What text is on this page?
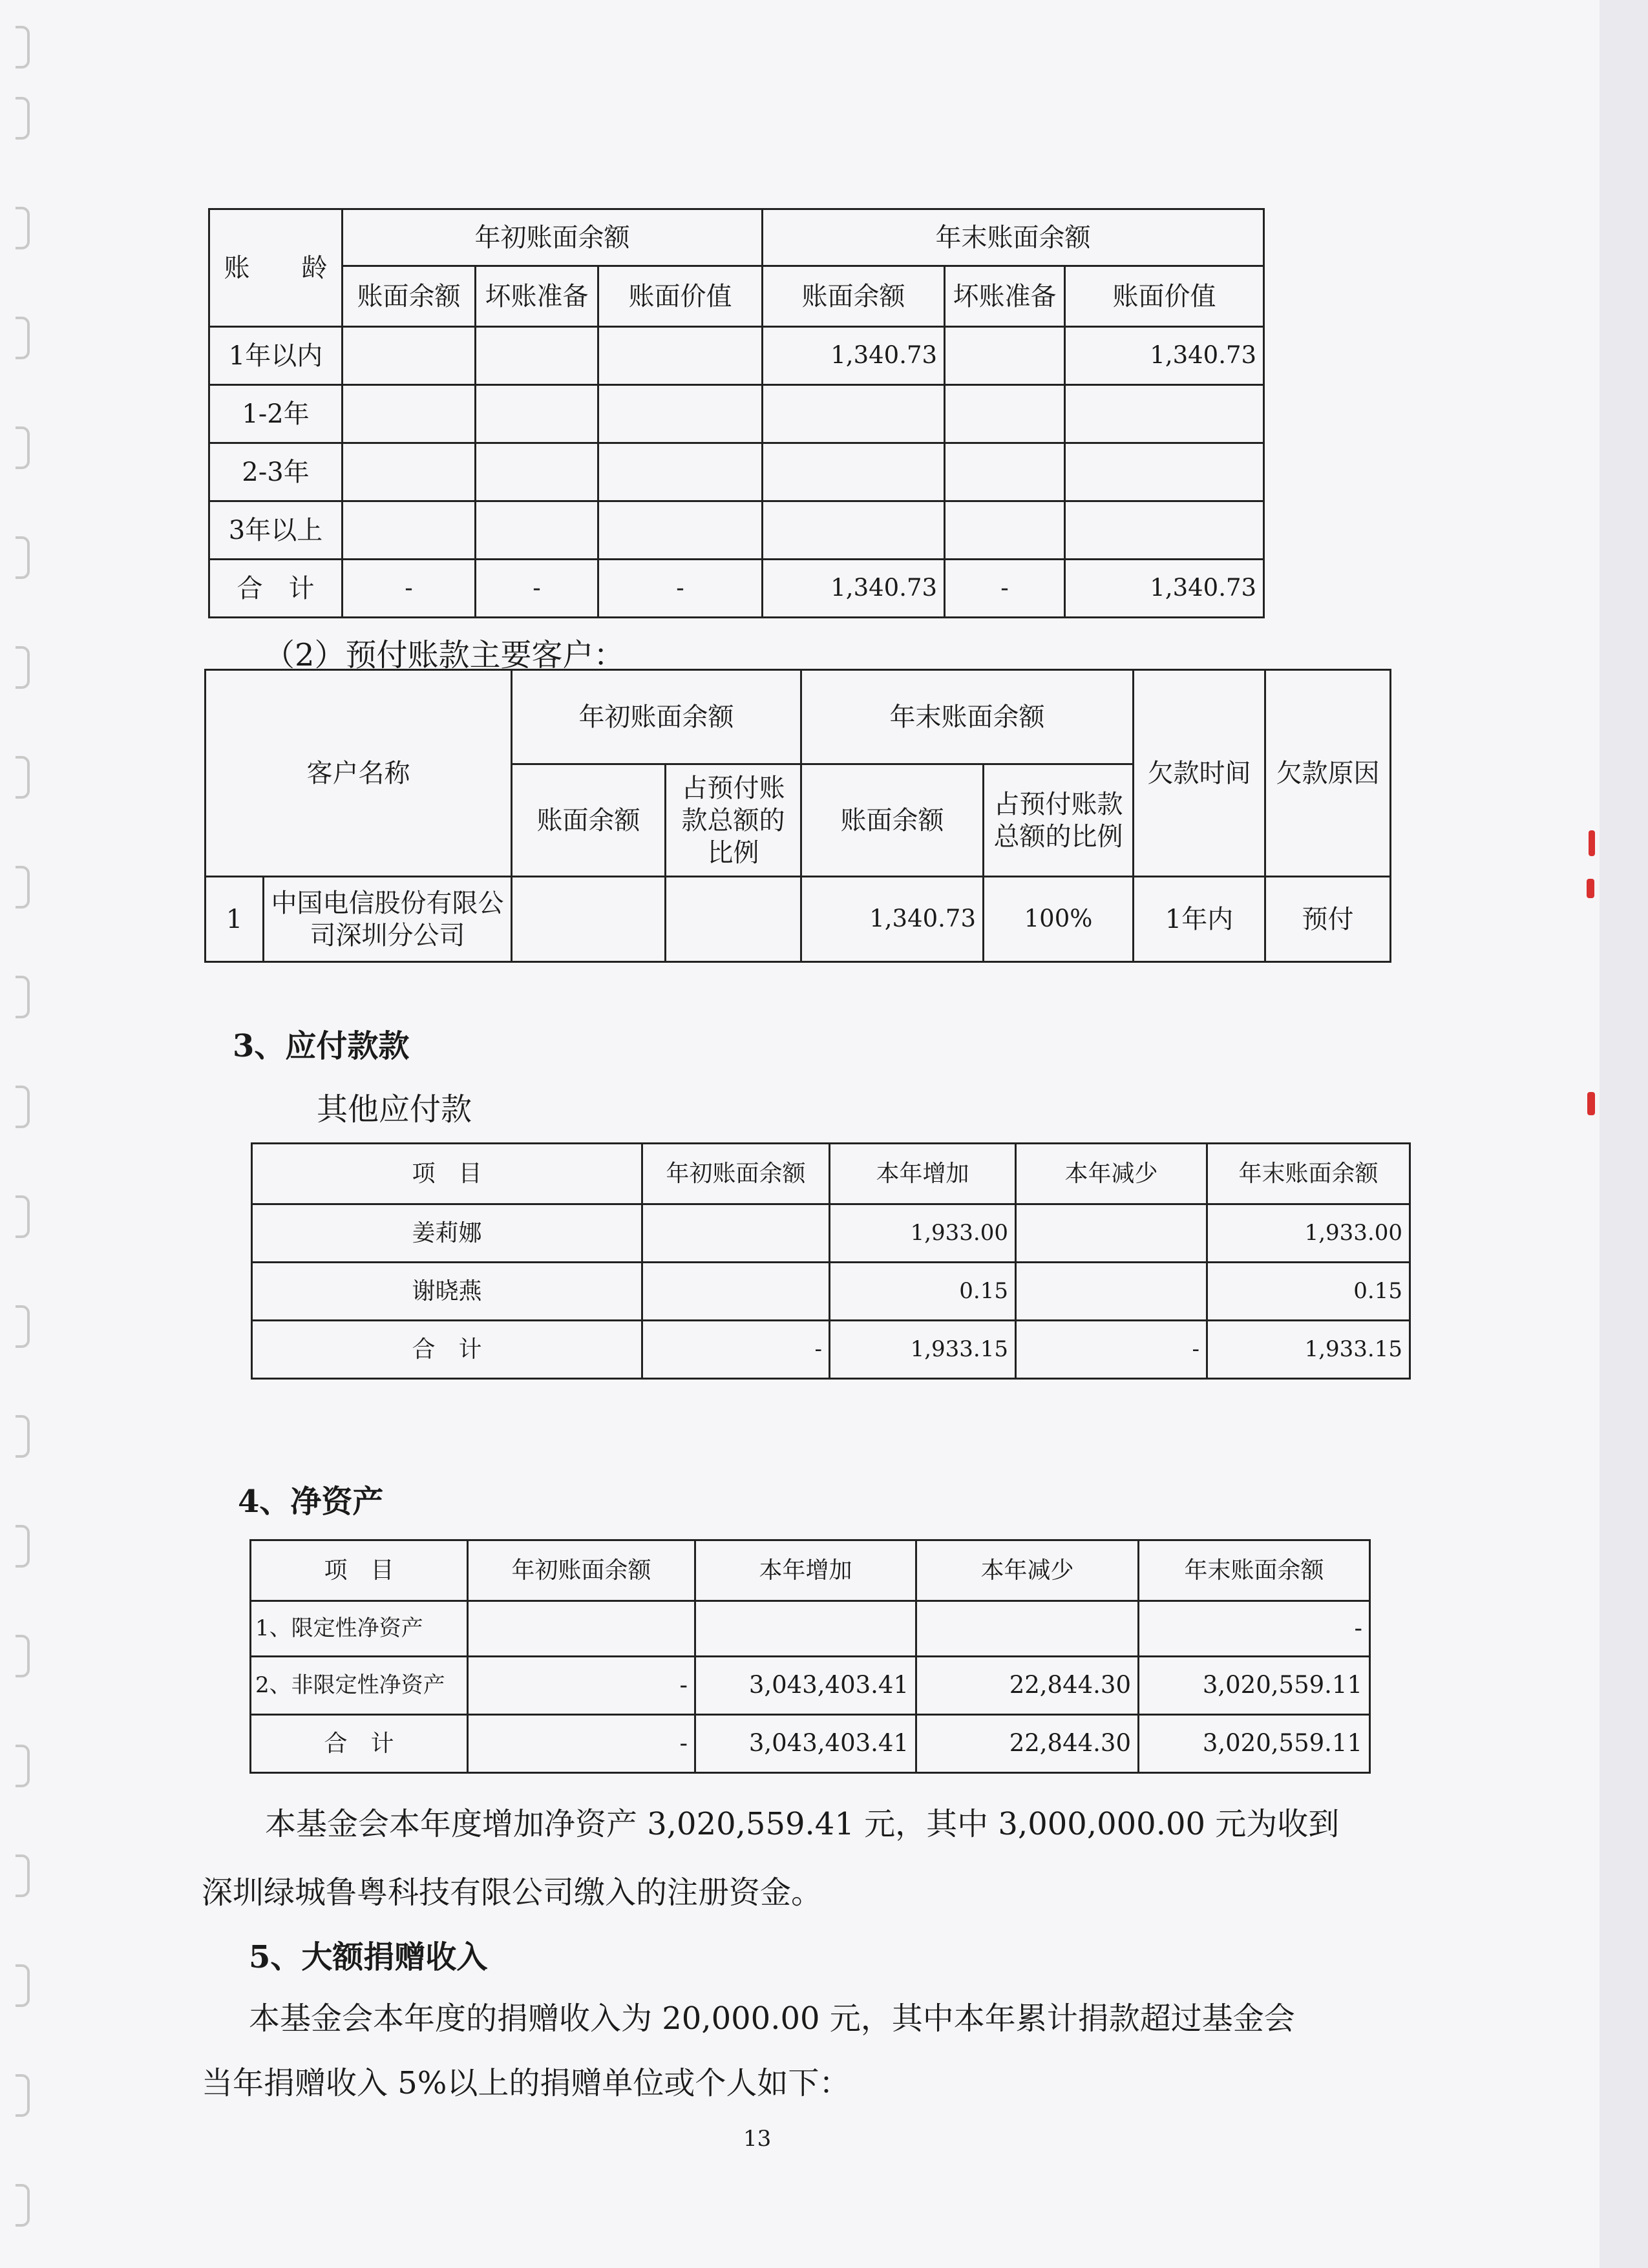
账　　龄	年初账面余额			年末账面余额		
	账面余额	坏账准备	账面价值	账面余额	坏账准备	账面价值
1年以内				1,340.73		1,340.73
1-2年						
2-3年						
3年以上						
合　计	-	-	-	1,340.73	-	1,340.73
（2）预付账款主要客户：
客户名称		年初账面余额		年末账面余额		欠款时间	欠款原因
		账面余额	占预付账款总额的比例	账面余额	占预付账款总额的比例		
1	中国电信股份有限公司深圳分公司			1,340.73	100%	1年内	预付
3、应付款款
其他应付款
项　目	年初账面余额	本年增加	本年减少	年末账面余额
姜莉娜		1,933.00		1,933.00
谢晓燕		0.15		0.15
合　计	-	1,933.15	-	1,933.15
4、净资产
项　目	年初账面余额	本年增加	本年减少	年末账面余额
1、限定性净资产				-
2、非限定性净资产	-	3,043,403.41	22,844.30	3,020,559.11
合　计	-	3,043,403.41	22,844.30	3,020,559.11
本基金会本年度增加净资产 3,020,559.41 元，其中 3,000,000.00 元为收到
深圳绿城鲁粤科技有限公司缴入的注册资金。
5、大额捐赠收入
本基金会本年度的捐赠收入为 20,000.00 元，其中本年累计捐款超过基金会
当年捐赠收入 5%以上的捐赠单位或个人如下：
13
